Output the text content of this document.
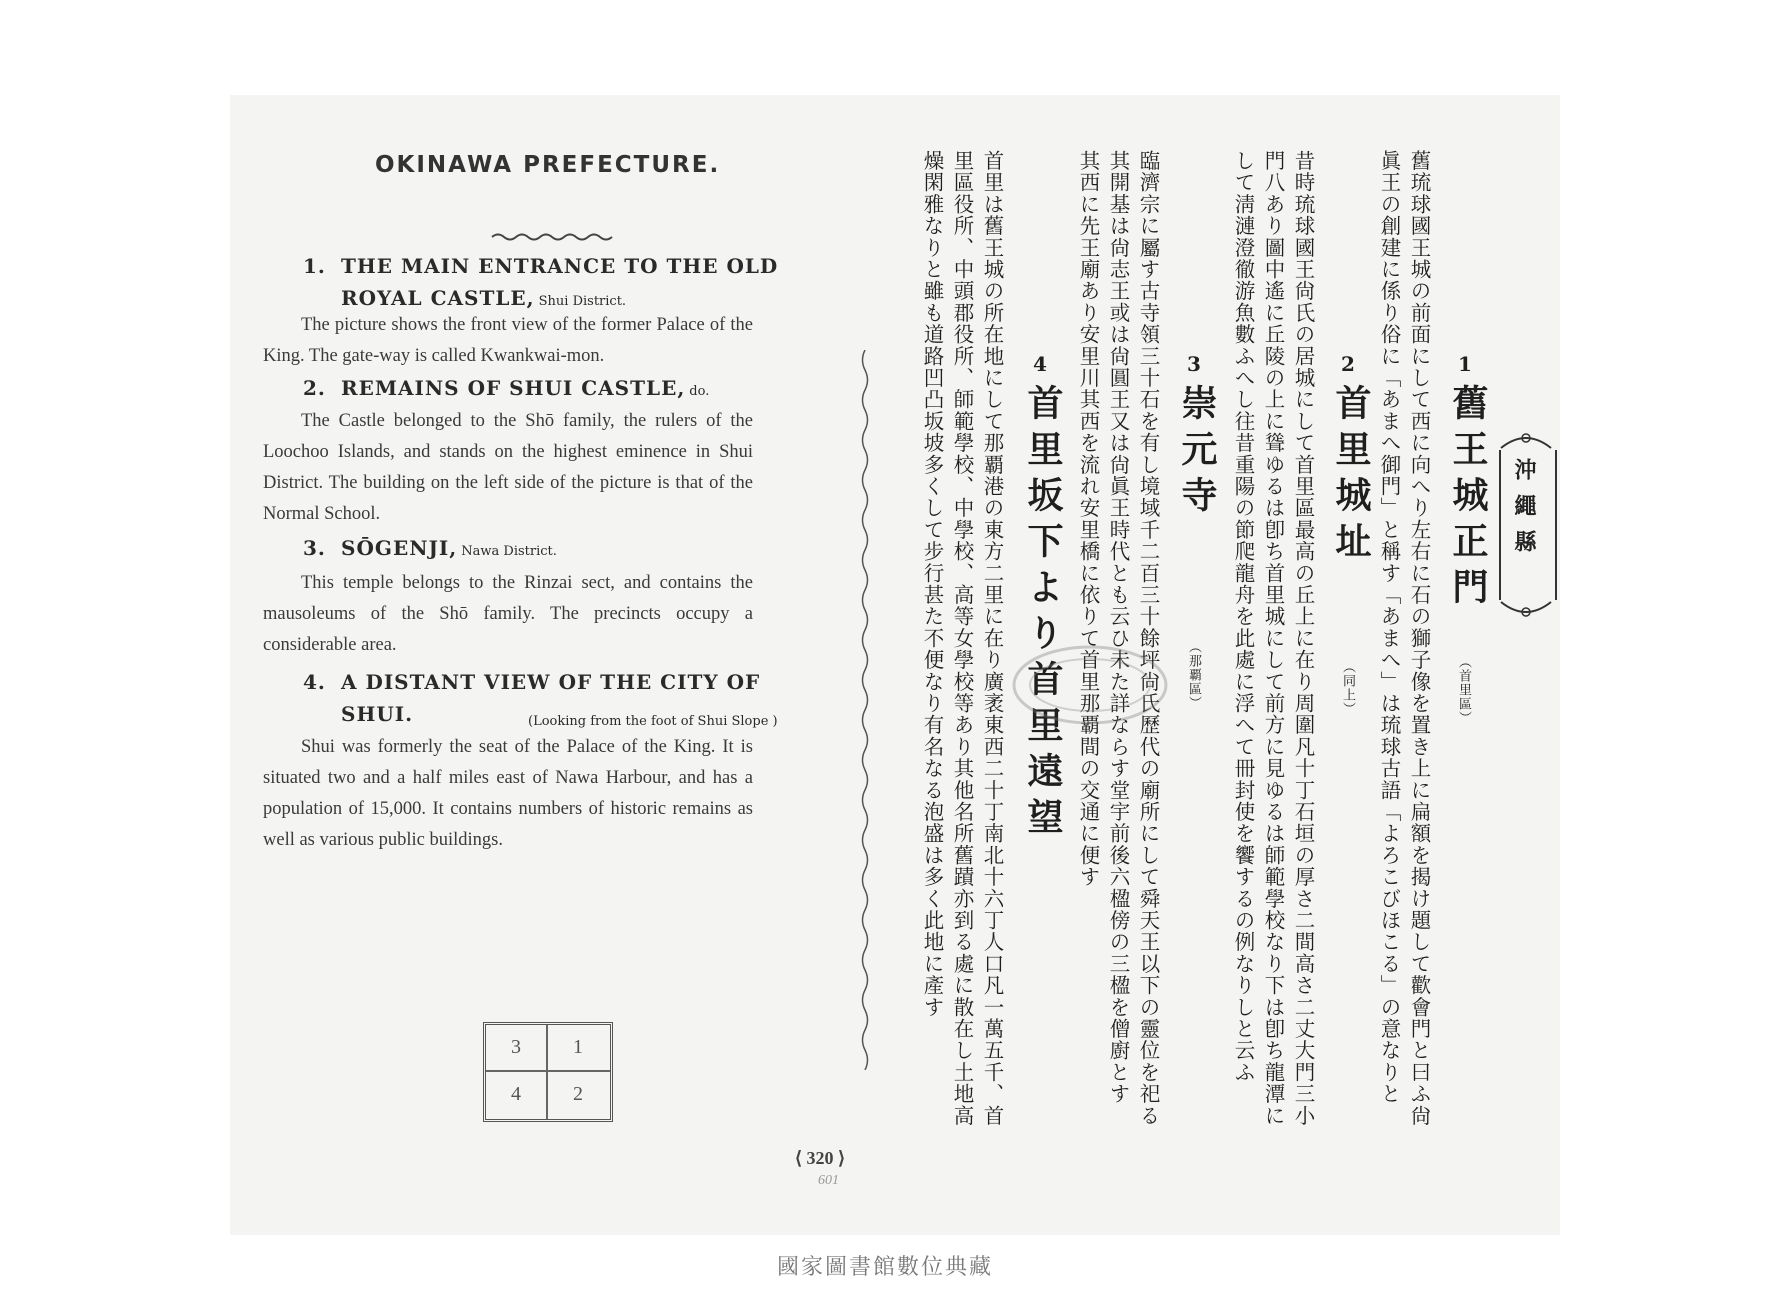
OKINAWA PREFECTURE.
1. THE MAIN ENTRANCE TO THE OLD
ROYAL CASTLE, Shui District.
The picture shows the front view of the former Palace of the King. The gate-way is called Kwankwai-mon.
2. REMAINS OF SHUI CASTLE, do.
The Castle belonged to the Shō family, the rulers of the Loochoo Islands, and stands on the highest eminence in Shui District. The building on the left side of the picture is that of the Normal School.
3. SŌGENJI, Nawa District.
This temple belongs to the Rinzai sect, and contains the mausoleums of the Shō family. The precincts occupy a considerable area.
4. A DISTANT VIEW OF THE CITY OF
SHUI.	(Looking from the foot of Shui Slope )
Shui was formerly the seat of the Palace of the King. It is situated two and a half miles east of Nawa Harbour, and has a population of 15,000. It contains numbers of historic remains as well as various public buildings.
3	1
4	2
沖繩縣
1
舊王城正門
（首里區）
舊琉球國王城の前面にして西に向へり左右に石の獅子像を置き上に扁額を揭け題して歡會門と曰ふ尙
眞王の創建に係り俗に「あまへ御門」と稱す「あまへ」は琉球古語「よろこびほこる」の意なりと
2
首里城址
（同上）
昔時琉球國王尙氏の居城にして首里區最高の丘上に在り周圍凡十丁石垣の厚さ二間高さ二丈大門三小
門八あり圖中遙に丘陵の上に聳ゆるは卽ち首里城にして前方に見ゆるは師範學校なり下は卽ち龍潭に
して淸漣澄徹游魚數ふへし往昔重陽の節爬龍舟を此處に浮へて冊封使を饗するの例なりしと云ふ
3
崇元寺
（那覇區）
臨濟宗に屬す古寺領三十石を有し境域千二百三十餘坪尙氏歷代の廟所にして舜天王以下の靈位を祀る
其開基は尙志王或は尙圓王又は尙眞王時代とも云ひ未た詳ならす堂宇前後六楹傍の三楹を僧廚とす
其西に先王廟あり安里川其西を流れ安里橋に依りて首里那覇間の交通に便す
4
首里坂下より首里遠望
首里は舊王城の所在地にして那覇港の東方二里に在り廣袤東西二十丁南北十六丁人口凡一萬五千、首
里區役所、中頭郡役所、師範學校、中學校、高等女學校等あり其他名所舊蹟亦到る處に散在し土地高
燥閑雅なりと雖も道路凹凸坂坡多くして步行甚た不便なり有名なる泡盛は多く此地に產す
⟨ 320 ⟩
601
國家圖書館數位典藏
